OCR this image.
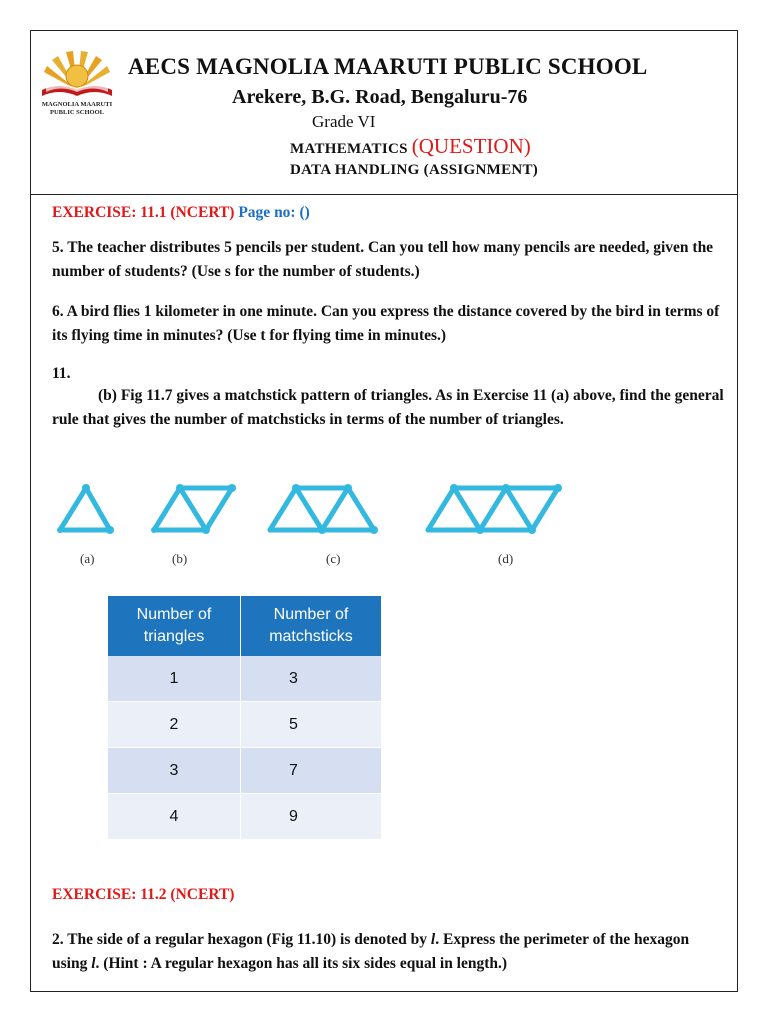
MAGNOLIA MAARUTI
PUBLIC SCHOOL
AECS MAGNOLIA MAARUTI PUBLIC SCHOOL
Arekere, B.G. Road, Bengaluru-76
Grade VI
MATHEMATICS (QUESTION)
DATA HANDLING (ASSIGNMENT)
EXERCISE: 11.1 (NCERT) Page no: ()
5. The teacher distributes 5 pencils per student. Can you tell how many pencils are needed, given the number of students? (Use s for the number of students.)
6. A bird flies 1 kilometer in one minute. Can you express the distance covered by the bird in terms of its flying time in minutes? (Use t for flying time in minutes.)
11.
(b) Fig 11.7 gives a matchstick pattern of triangles. As in Exercise 11 (a) above, find the general rule that gives the number of matchsticks in terms of the number of triangles.
(a)	(b)	(c)	(d)
Number of triangles	Number of matchsticks
1	3
2	5
3	7
4	9
EXERCISE: 11.2 (NCERT)
2. The side of a regular hexagon (Fig 11.10) is denoted by l. Express the perimeter of the hexagon using l. (Hint : A regular hexagon has all its six sides equal in length.)
